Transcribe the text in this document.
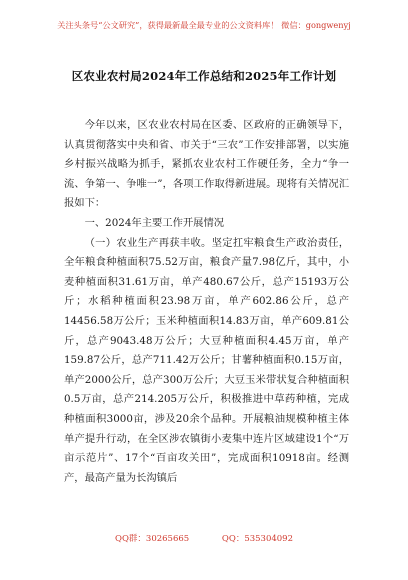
关注头条号“公文研究”，获得最新最全最专业的公文资料库！ 微信：gongwenyj
区农业农村局2024年工作总结和2025年工作计划

今年以来，区农业农村局在区委、区政府的正确领导下，认真贯彻落实中央和省、市关于“三农”工作安排部署，以实施乡村振兴战略为抓手，紧抓农业农村工作硬任务，全力“争一流、争第一、争唯一”，各项工作取得新进展。现将有关情况汇报如下：

一、2024年主要工作开展情况

（一）农业生产再获丰收。坚定扛牢粮食生产政治责任，全年粮食种植面积75.52万亩，粮食产量7.98亿斤，其中，小麦种植面积31.61万亩，单产480.67公斤，总产15193万公斤；水稻种植面积23.98万亩，单产602.86公斤，总产14456.58万公斤；玉米种植面积14.83万亩，单产609.81公斤，总产9043.48万公斤；大豆种植面积4.45万亩，单产159.87公斤，总产711.42万公斤；甘薯种植面积0.15万亩，单产2000公斤，总产300万公斤；大豆玉米带状复合种植面积0.5万亩，总产214.205万公斤，积极推进中草药种植，完成种植面积3000亩，涉及20余个品种。开展粮油规模种植主体单产提升行动，在全区涉农镇街小麦集中连片区域建设1个“万亩示范片”、17个“百亩攻关田”，完成面积10918亩。经测产，最高产量为长沟镇后

QQ群：30265665	QQ：535304092
